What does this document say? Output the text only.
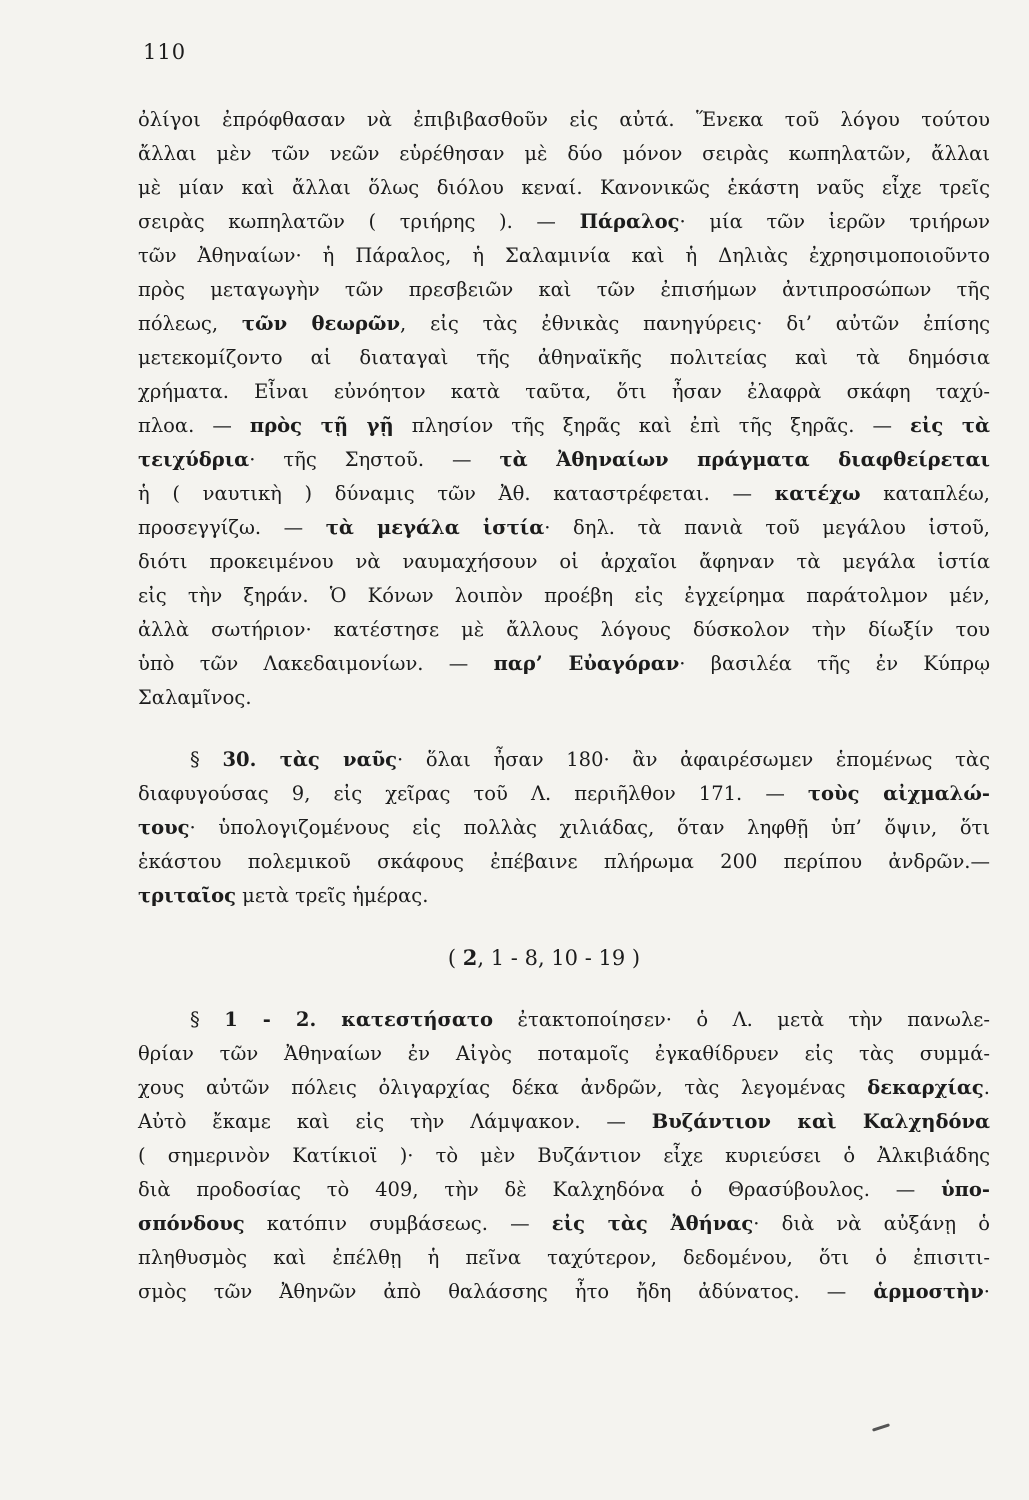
110
ὀλίγοι ἐπρόφθασαν νὰ ἐπιβιβασθοῦν εἰς αὐτά. Ἕνεκα τοῦ λόγου τούτου
ἄλλαι μὲν τῶν νεῶν εὑρέθησαν μὲ δύο μόνον σειρὰς κωπηλατῶν, ἄλλαι
μὲ μίαν καὶ ἄλλαι ὅλως διόλου κεναί. Κανονικῶς ἑκάστη ναῦς εἶχε τρεῖς
σειρὰς κωπηλατῶν ( τριήρης ). — Πάραλος· μία τῶν ἱερῶν τριήρων
τῶν Ἀθηναίων· ἡ Πάραλος, ἡ Σαλαμινία καὶ ἡ Δηλιὰς ἐχρησιμοποιοῦντο
πρὸς μεταγωγὴν τῶν πρεσβειῶν καὶ τῶν ἐπισήμων ἀντιπροσώπων τῆς
πόλεως, τῶν θεωρῶν, εἰς τὰς ἐθνικὰς πανηγύρεις· δι’ αὐτῶν ἐπίσης
μετεκομίζοντο αἱ διαταγαὶ τῆς ἀθηναϊκῆς πολιτείας καὶ τὰ δημόσια
χρήματα. Εἶναι εὐνόητον κατὰ ταῦτα, ὅτι ἦσαν ἐλαφρὰ σκάφη ταχύ-
πλοα. — πρὸς τῇ γῇ πλησίον τῆς ξηρᾶς καὶ ἐπὶ τῆς ξηρᾶς. — εἰς τὰ
τειχύδρια· τῆς Σηστοῦ. — τὰ Ἀθηναίων πράγματα διαφθείρεται
ἡ ( ναυτικὴ ) δύναμις τῶν Ἀθ. καταστρέφεται. — κατέχω καταπλέω,
προσεγγίζω. — τὰ μεγάλα ἱστία· δηλ. τὰ πανιὰ τοῦ μεγάλου ἱστοῦ,
διότι προκειμένου νὰ ναυμαχήσουν οἱ ἀρχαῖοι ἄφηναν τὰ μεγάλα ἱστία
εἰς τὴν ξηράν. Ὁ Κόνων λοιπὸν προέβη εἰς ἐγχείρημα παράτολμον μέν,
ἀλλὰ σωτήριον· κατέστησε μὲ ἄλλους λόγους δύσκολον τὴν δίωξίν του
ὑπὸ τῶν Λακεδαιμονίων. — παρ’ Εὐαγόραν· βασιλέα τῆς ἐν Κύπρῳ
Σαλαμῖνος.
§ 30. τὰς ναῦς· ὅλαι ἦσαν 180· ἂν ἀφαιρέσωμεν ἑπομένως τὰς
διαφυγούσας 9, εἰς χεῖρας τοῦ Λ. περιῆλθον 171. — τοὺς αἰχμαλώ-
τους· ὑπολογιζομένους εἰς πολλὰς χιλιάδας, ὅταν ληφθῇ ὑπ’ ὄψιν, ὅτι
ἑκάστου πολεμικοῦ σκάφους ἐπέβαινε πλήρωμα 200 περίπου ἀνδρῶν.—
τριταῖος μετὰ τρεῖς ἡμέρας.
( 2, 1 - 8, 10 - 19 )
§ 1 - 2. κατεστήσατο ἐτακτοποίησεν· ὁ Λ. μετὰ τὴν πανωλε-
θρίαν τῶν Ἀθηναίων ἐν Αἰγὸς ποταμοῖς ἐγκαθίδρυεν εἰς τὰς συμμά-
χους αὐτῶν πόλεις ὀλιγαρχίας δέκα ἀνδρῶν, τὰς λεγομένας δεκαρχίας.
Αὐτὸ ἔκαμε καὶ εἰς τὴν Λάμψακον. — Βυζάντιον καὶ Καλχηδόνα
( σημερινὸν Κατίκιοϊ )· τὸ μὲν Βυζάντιον εἶχε κυριεύσει ὁ Ἀλκιβιάδης
διὰ προδοσίας τὸ 409, τὴν δὲ Καλχηδόνα ὁ Θρασύβουλος. — ὑπο-
σπόνδους κατόπιν συμβάσεως. — εἰς τὰς Ἀθήνας· διὰ νὰ αὐξάνῃ ὁ
πληθυσμὸς καὶ ἐπέλθῃ ἡ πεῖνα ταχύτερον, δεδομένου, ὅτι ὁ ἐπισιτι-
σμὸς τῶν Ἀθηνῶν ἀπὸ θαλάσσης ἦτο ἤδη ἀδύνατος. — ἁρμοστὴν·
